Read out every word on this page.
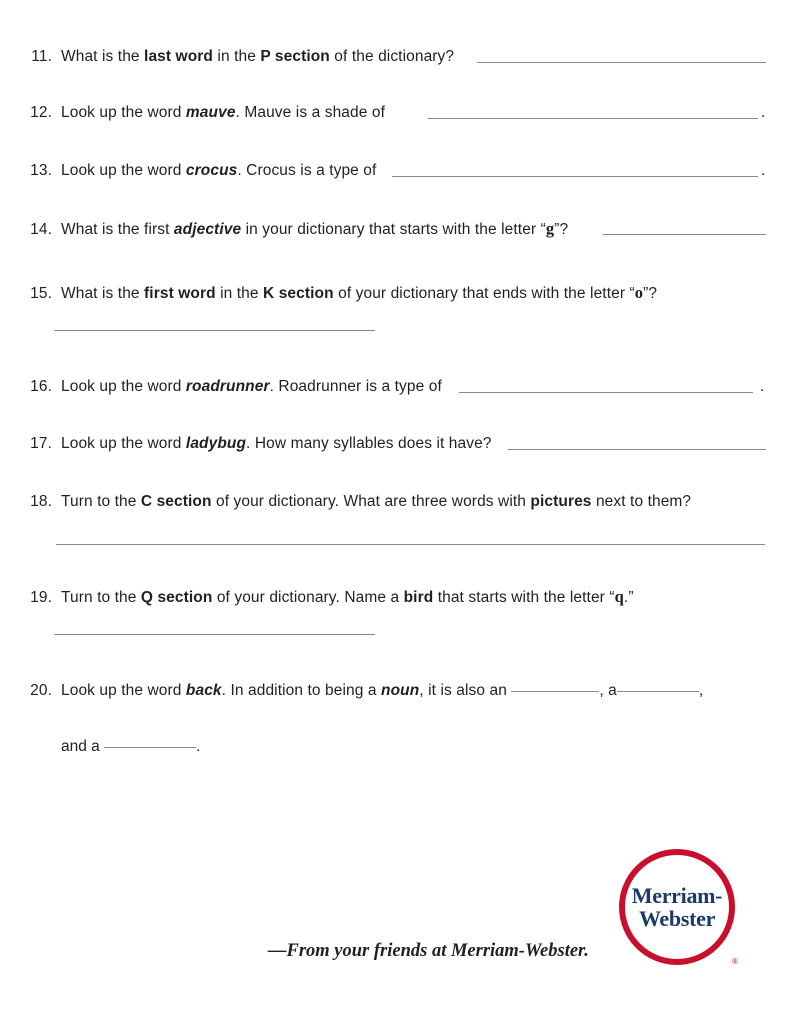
11. What is the last word in the P section of the dictionary?
12. Look up the word mauve . Mauve is a shade of	.
13. Look up the word crocus . Crocus is a type of	.
14. What is the first adjective in your dictionary that starts with the letter “ g ”?
15. What is the first word in the K section of your dictionary that ends with the letter “ o ”?
16. Look up the word roadrunner . Roadrunner is a type of	.
17. Look up the word ladybug . How many syllables does it have?
18. Turn to the C section of your dictionary. What are three words with pictures next to them?
19. Turn to the Q section of your dictionary. Name a bird that starts with the letter “ q .”
20. Look up the word back . In addition to being a noun , it is also an	, a	,
and a	.
—From your friends at Merriam-Webster.
Merriam-
Webster
®
